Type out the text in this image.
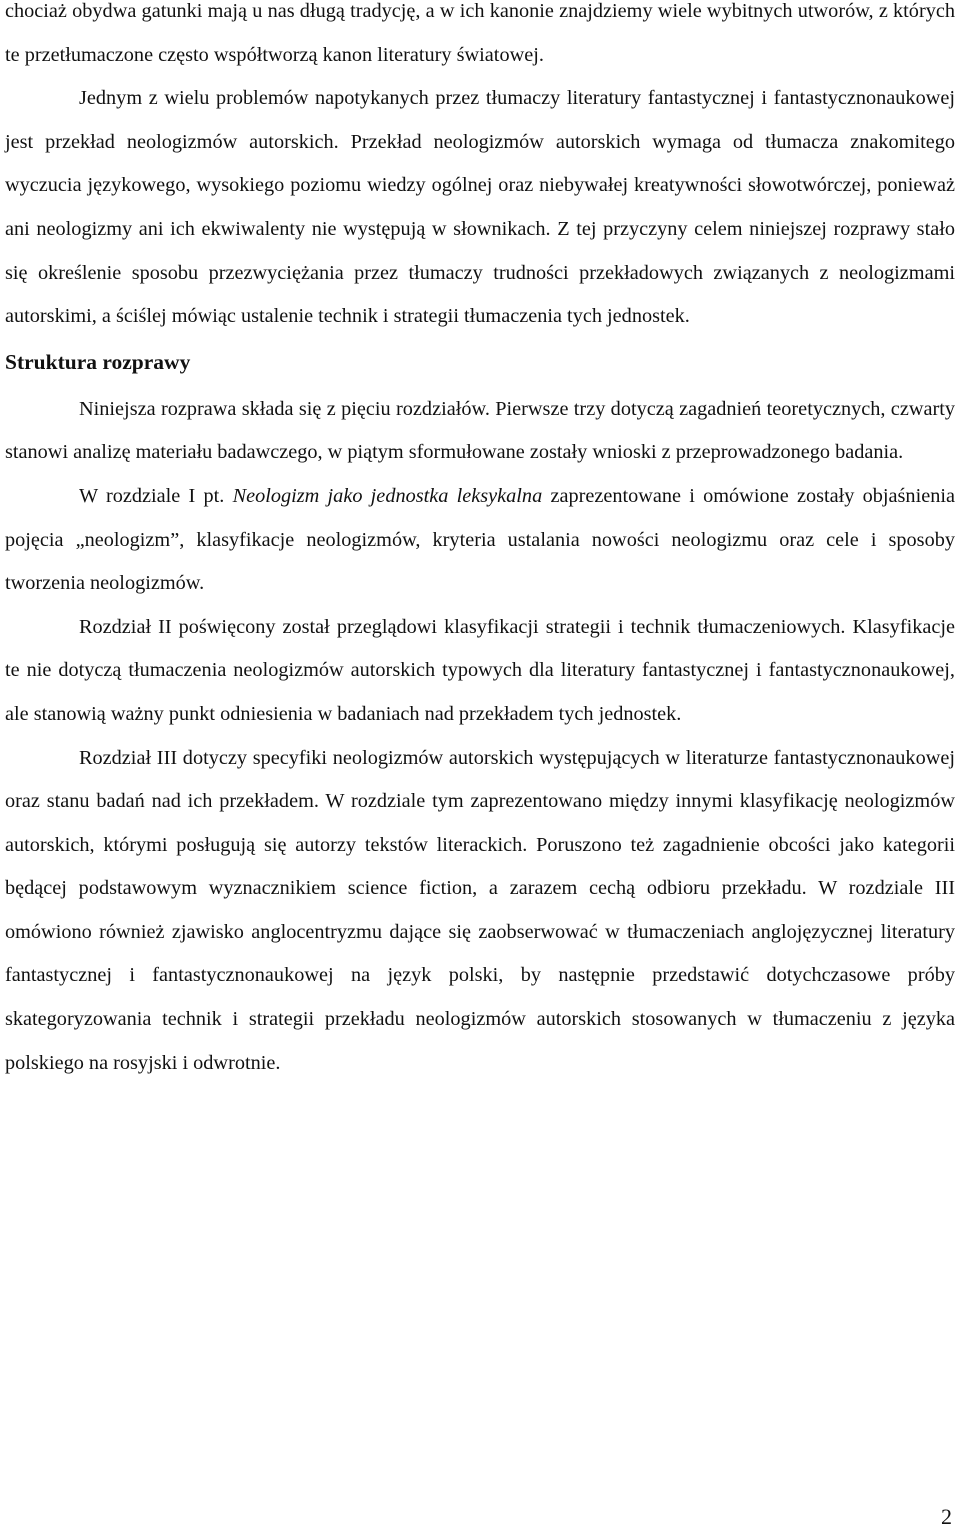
chociaż obydwa gatunki mają u nas długą tradycję, a w ich kanonie znajdziemy wiele wybitnych utworów, z których te przetłumaczone często współtworzą kanon literatury światowej.

Jednym z wielu problemów napotykanych przez tłumaczy literatury fantastycznej i fantastycznonaukowej jest przekład neologizmów autorskich. Przekład neologizmów autorskich wymaga od tłumacza znakomitego wyczucia językowego, wysokiego poziomu wiedzy ogólnej oraz niebywałej kreatywności słowotwórczej, ponieważ ani neologizmy ani ich ekwiwalenty nie występują w słownikach. Z tej przyczyny celem niniejszej rozprawy stało się określenie sposobu przezwyciężania przez tłumaczy trudności przekładowych związanych z neologizmami autorskimi, a ściślej mówiąc ustalenie technik i strategii tłumaczenia tych jednostek.

Struktura rozprawy

Niniejsza rozprawa składa się z pięciu rozdziałów. Pierwsze trzy dotyczą zagadnień teoretycznych, czwarty stanowi analizę materiału badawczego, w piątym sformułowane zostały wnioski z przeprowadzonego badania.

W rozdziale I pt. Neologizm jako jednostka leksykalna zaprezentowane i omówione zostały objaśnienia pojęcia „neologizm”, klasyfikacje neologizmów, kryteria ustalania nowości neologizmu oraz cele i sposoby tworzenia neologizmów.

Rozdział II poświęcony został przeglądowi klasyfikacji strategii i technik tłumaczeniowych. Klasyfikacje te nie dotyczą tłumaczenia neologizmów autorskich typowych dla literatury fantastycznej i fantastycznonaukowej, ale stanowią ważny punkt odniesienia w badaniach nad przekładem tych jednostek.

Rozdział III dotyczy specyfiki neologizmów autorskich występujących w literaturze fantastycznonaukowej oraz stanu badań nad ich przekładem. W rozdziale tym zaprezentowano między innymi klasyfikację neologizmów autorskich, którymi posługują się autorzy tekstów literackich. Poruszono też zagadnienie obcości jako kategorii będącej podstawowym wyznacznikiem science fiction, a zarazem cechą odbioru przekładu. W rozdziale III omówiono również zjawisko anglocentryzmu dające się zaobserwować w tłumaczeniach anglojęzycznej literatury fantastycznej i fantastycznonaukowej na język polski, by następnie przedstawić dotychczasowe próby skategoryzowania technik i strategii przekładu neologizmów autorskich stosowanych w tłumaczeniu z języka polskiego na rosyjski i odwrotnie.

2
